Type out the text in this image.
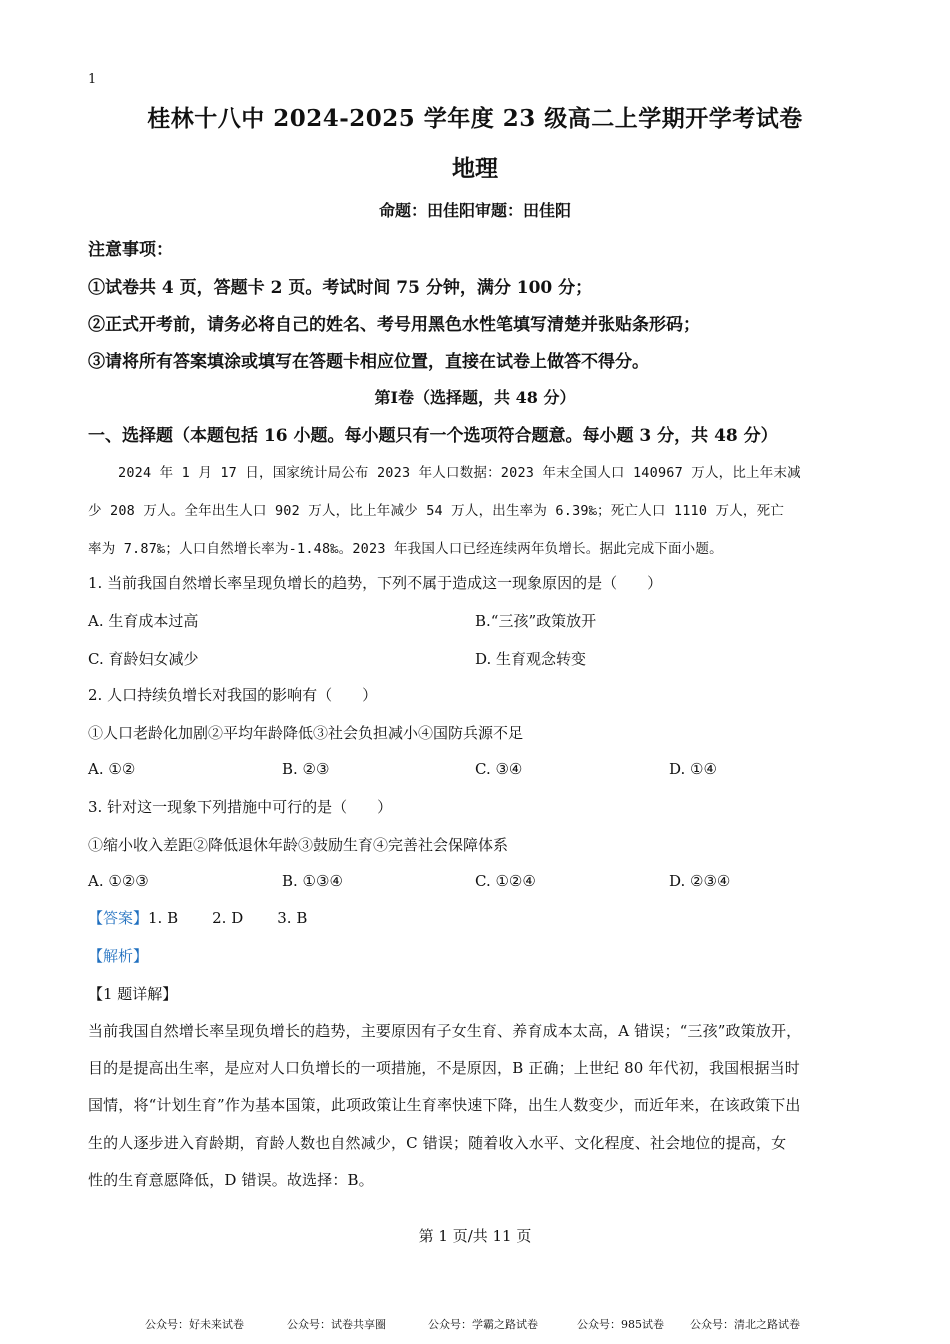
1
桂林十八中 2024-2025 学年度 23 级高二上学期开学考试卷
地理
命题：田佳阳审题：田佳阳
注意事项：
①试卷共 4 页，答题卡 2 页。考试时间 75 分钟，满分 100 分；
②正式开考前，请务必将自己的姓名、考号用黑色水性笔填写清楚并张贴条形码；
③请将所有答案填涂或填写在答题卡相应位置，直接在试卷上做答不得分。
第Ⅰ卷（选择题，共 48 分）
一、选择题（本题包括 16 小题。每小题只有一个选项符合题意。每小题 3 分，共 48 分）
2024 年 1 月 17 日，国家统计局公布 2023 年人口数据：2023 年末全国人口 140967 万人，比上年末减
少 208 万人。全年出生人口 902 万人，比上年减少 54 万人，出生率为 6.39‰；死亡人口 1110 万人，死亡
率为 7.87‰；人口自然增长率为-1.48‰。2023 年我国人口已经连续两年负增长。据此完成下面小题。
1. 当前我国自然增长率呈现负增长的趋势，下列不属于造成这一现象原因的是（　　）
A. 生育成本过高	B.“三孩”政策放开
C. 育龄妇女减少	D. 生育观念转变
2. 人口持续负增长对我国的影响有（　　）
①人口老龄化加剧②平均年龄降低③社会负担减小④国防兵源不足
A. ①②	B. ②③	C. ③④	D. ①④
3. 针对这一现象下列措施中可行的是（　　）
①缩小收入差距②降低退休年龄③鼓励生育④完善社会保障体系
A. ①②③	B. ①③④	C. ①②④	D. ②③④
【答案】1. B 2. D 3. B
【解析】
【1 题详解】
当前我国自然增长率呈现负增长的趋势，主要原因有子女生育、养育成本太高，A 错误；“三孩”政策放开，
目的是提高出生率，是应对人口负增长的一项措施，不是原因，B 正确；上世纪 80 年代初，我国根据当时
国情，将“计划生育”作为基本国策，此项政策让生育率快速下降，出生人数变少，而近年来，在该政策下出
生的人逐步进入育龄期，育龄人数也自然减少，C 错误；随着收入水平、文化程度、社会地位的提高，女
性的生育意愿降低，D 错误。故选择：B。
第 1 页/共 11 页
公众号：好未来试卷	公众号：试卷共享圈	公众号：学霸之路试卷	公众号：985试卷 公众号：清北之路试卷
